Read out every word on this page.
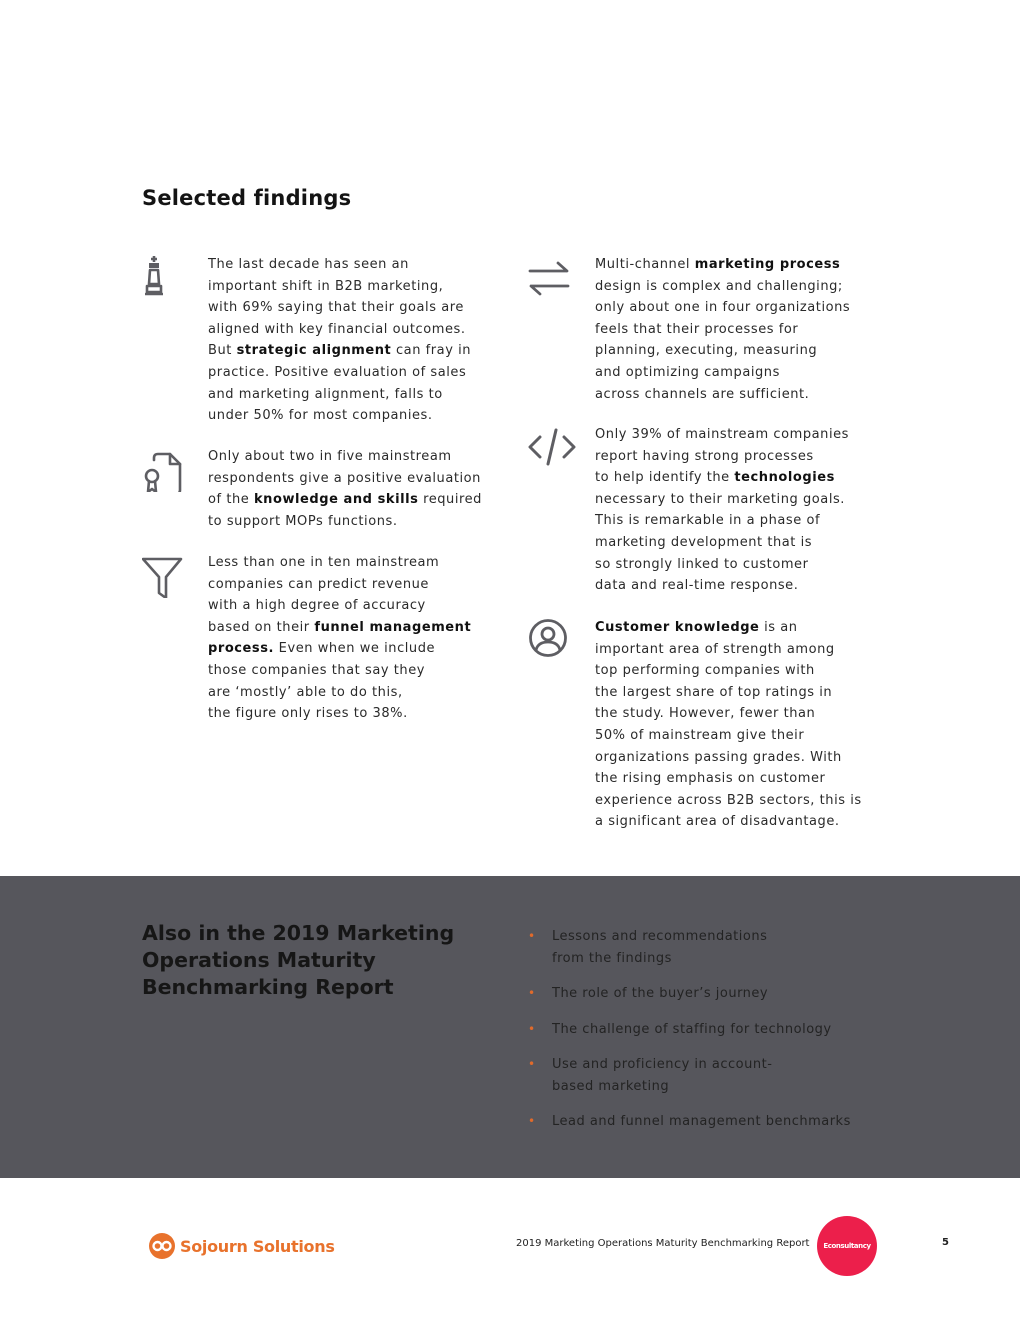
Selected findings

The last decade has seen an
important shift in B2B marketing,
with 69% saying that their goals are
aligned with key financial outcomes.
But strategic alignment can fray in
practice. Positive evaluation of sales
and marketing alignment, falls to
under 50% for most companies.

Only about two in five mainstream
respondents give a positive evaluation
of the knowledge and skills required
to support MOPs functions.

Less than one in ten mainstream
companies can predict revenue
with a high degree of accuracy
based on their funnel management
process. Even when we include
those companies that say they
are ‘mostly’ able to do this,
the figure only rises to 38%.

Multi-channel marketing process
design is complex and challenging;
only about one in four organizations
feels that their processes for
planning, executing, measuring
and optimizing campaigns
across channels are sufficient.

Only 39% of mainstream companies
report having strong processes
to help identify the technologies
necessary to their marketing goals.
This is remarkable in a phase of
marketing development that is
so strongly linked to customer
data and real-time response.

Customer knowledge is an
important area of strength among
top performing companies with
the largest share of top ratings in
the study. However, fewer than
50% of mainstream give their
organizations passing grades. With
the rising emphasis on customer
experience across B2B sectors, this is
a significant area of disadvantage.

Also in the 2019 Marketing
Operations Maturity
Benchmarking Report
• Lessons and recommendations
from the findings
• The role of the buyer’s journey
• The challenge of staffing for technology
• Use and proficiency in account-
based marketing
• Lead and funnel management benchmarks
Sojourn Solutions	2019 Marketing Operations Maturity Benchmarking Report Econsultancy	5
